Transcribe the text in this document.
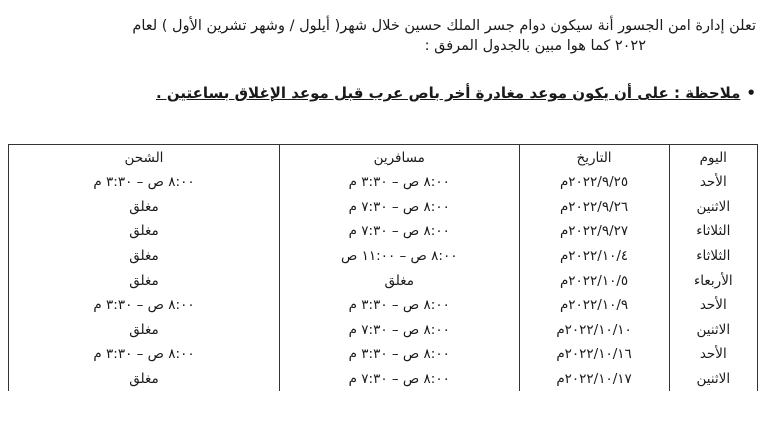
تعلن إدارة امن الجسور أنة سيكون دوام جسر الملك حسين خلال شهر( أيلول / وشهر تشرين الأول ) لعام
٢٠٢٢ كما هوا مبين بالجدول المرفق :
•ملاحظة : على أن يكون موعد مغادرة أخر باص عرب قبل موعد الإغلاق بساعتين .
اليوم	التاريخ	مسافرين	الشحن
الأحد	٢٠٢٢/٩/٢٥م	٨:٠٠ ص – ٣:٣٠ م	٨:٠٠ ص – ٣:٣٠ م
الاثنين	٢٠٢٢/٩/٢٦م	٨:٠٠ ص – ٧:٣٠ م	مغلق
الثلاثاء	٢٠٢٢/٩/٢٧م	٨:٠٠ ص – ٧:٣٠ م	مغلق
الثلاثاء	٢٠٢٢/١٠/٤م	٨:٠٠ ص – ١١:٠٠ ص	مغلق
الأربعاء	٢٠٢٢/١٠/٥م	مغلق	مغلق
الأحد	٢٠٢٢/١٠/٩م	٨:٠٠ ص – ٣:٣٠ م	٨:٠٠ ص – ٣:٣٠ م
الاثنين	٢٠٢٢/١٠/١٠م	٨:٠٠ ص – ٧:٣٠ م	مغلق
الأحد	٢٠٢٢/١٠/١٦م	٨:٠٠ ص – ٣:٣٠ م	٨:٠٠ ص – ٣:٣٠ م
الاثنين	٢٠٢٢/١٠/١٧م	٨:٠٠ ص – ٧:٣٠ م	مغلق
